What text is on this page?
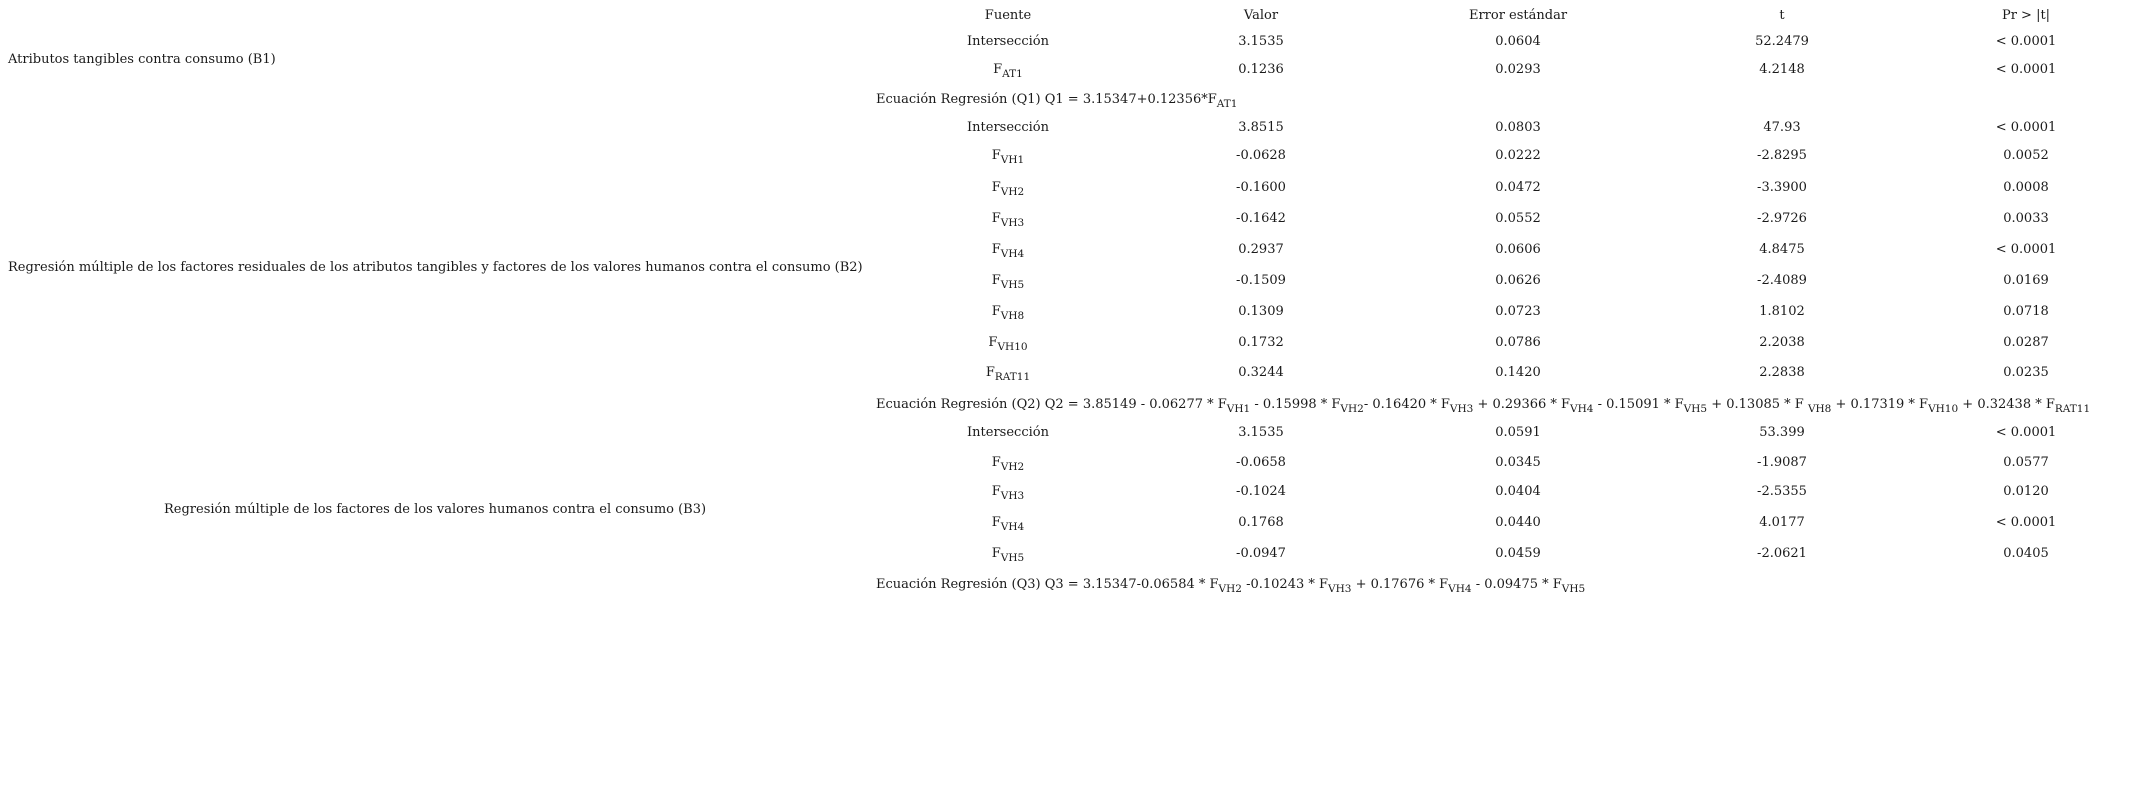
Fuente	Valor	Error estándar	t	Pr > |t|
Atributos tangibles contra consumo (B1)
Regresión múltiple de los factores residuales de los atributos tangibles y factores de los valores humanos contra el consumo (B2)
Regresión múltiple de los factores de los valores humanos contra el consumo (B3)
Intersección	3.1535	0.0604	52.2479	< 0.0001
$F_{AT1}$	0.1236	0.0293	4.2148	< 0.0001
Ecuación Regresión (Q1) $Q1 = 3.15347+0.12356*F_{AT1}$
Intersección	3.8515	0.0803	47.93	< 0.0001
$F_{VH1}$	-0.0628	0.0222	-2.8295	0.0052
$F_{VH2}$	-0.1600	0.0472	-3.3900	0.0008
$F_{VH3}$	-0.1642	0.0552	-2.9726	0.0033
$F_{VH4}$	0.2937	0.0606	4.8475	< 0.0001
$F_{VH5}$	-0.1509	0.0626	-2.4089	0.0169
$F_{VH8}$	0.1309	0.0723	1.8102	0.0718
$F_{VH10}$	0.1732	0.0786	2.2038	0.0287
$F_{RAT11}$	0.3244	0.1420	2.2838	0.0235
Ecuación Regresión (Q2) $Q2 = 3.85149 - 0.06277 * F_{VH1} - 0.15998 * F_{VH2}-$ $0.16420 * F_{VH3} + 0.29366 * F_{VH4} - 0.15091 * F_{VH5} + 0.13085 * F$ $_{VH8} + 0.17319 * F_{VH10} + 0.32438 * F_{RAT11}$
Intersección	3.1535	0.0591	53.399	< 0.0001
$F_{VH2}$	-0.0658	0.0345	-1.9087	0.0577
$F_{VH3}$	-0.1024	0.0404	-2.5355	0.0120
$F_{VH4}$	0.1768	0.0440	4.0177	< 0.0001
$F_{VH5}$	-0.0947	0.0459	-2.0621	0.0405
Ecuación Regresión (Q3) $Q3 = 3.15347-0.06584 * F_{VH2}$ $-0.10243 * F_{VH3} + 0.17676 * F_{VH4} - 0.09475 * F_{VH5}$
